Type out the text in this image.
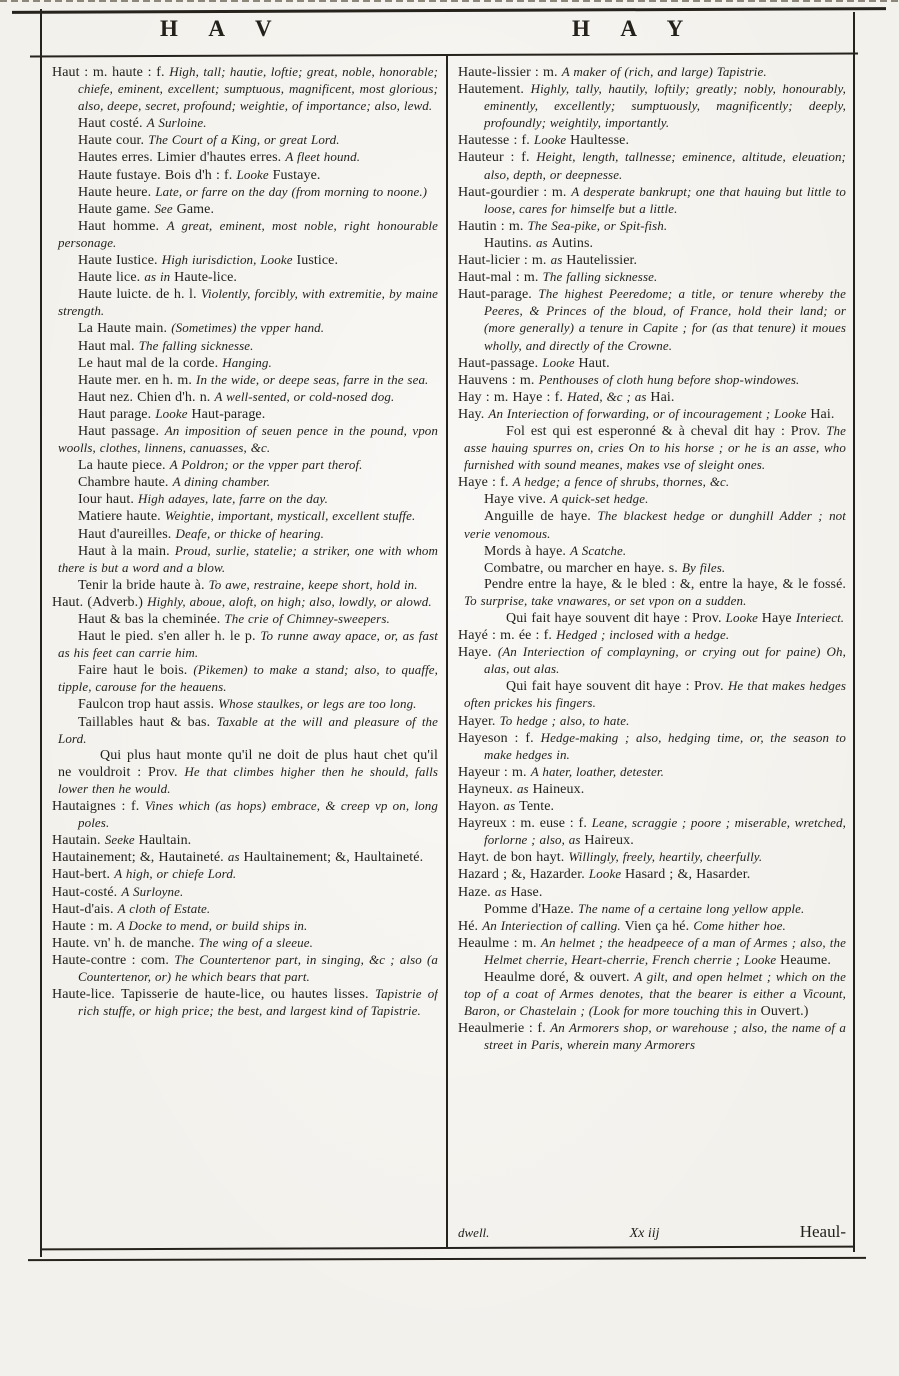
H A V	H A Y

Haut : m. haute : f. High, tall; hautie, loftie; great, noble, honorable; chiefe, eminent, excellent; sumptuous, magnificent, most glorious; also, deepe, secret, profound; weightie, of importance; also, lewd.

Haut costé. A Surloine.

Haute cour. The Court of a King, or great Lord.

Hautes erres. Limier d'hautes erres. A fleet hound.

Haute fustaye. Bois d'h : f. Looke Fustaye.

Haute heure. Late, or farre on the day (from morning to noone.)

Haute game. See Game.

Haut homme. A great, eminent, most noble, right honourable personage.

Haute Iustice. High iurisdiction, Looke Iustice.

Haute lice. as in Haute-lice.

Haute luicte. de h. l. Violently, forcibly, with extremitie, by maine strength.

La Haute main. (Sometimes) the vpper hand.

Haut mal. The falling sicknesse.

Le haut mal de la corde. Hanging.

Haute mer. en h. m. In the wide, or deepe seas, farre in the sea.

Haut nez. Chien d'h. n. A well-sented, or cold-nosed dog.

Haut parage. Looke Haut-parage.

Haut passage. An imposition of seuen pence in the pound, vpon woolls, clothes, linnens, canuasses, &c.

La haute piece. A Poldron; or the vpper part therof.

Chambre haute. A dining chamber.

Iour haut. High adayes, late, farre on the day.

Matiere haute. Weightie, important, mysticall, excellent stuffe.

Haut d'aureilles. Deafe, or thicke of hearing.

Haut à la main. Proud, surlie, statelie; a striker, one with whom there is but a word and a blow.

Tenir la bride haute à. To awe, restraine, keepe short, hold in.

Haut. (Adverb.) Highly, aboue, aloft, on high; also, lowdly, or alowd.

Haut & bas la cheminée. The crie of Chimney-sweepers.

Haut le pied. s'en aller h. le p. To runne away apace, or, as fast as his feet can carrie him.

Faire haut le bois. (Pikemen) to make a stand; also, to quaffe, tipple, carouse for the heauens.

Faulcon trop haut assis. Whose staulkes, or legs are too long.

Taillables haut & bas. Taxable at the will and pleasure of the Lord.

Qui plus haut monte qu'il ne doit de plus haut chet qu'il ne vouldroit : Prov. He that climbes higher then he should, falls lower then he would.

Hautaignes : f. Vines which (as hops) embrace, & creep vp on, long poles.

Hautain. Seeke Haultain.

Hautainement; &, Hautaineté. as Haultainement; &, Haultaineté.

Haut-bert. A high, or chiefe Lord.

Haut-costé. A Surloyne.

Haut-d'ais. A cloth of Estate.

Haute : m. A Docke to mend, or build ships in.

Haute. vn' h. de manche. The wing of a sleeue.

Haute-contre : com. The Countertenor part, in singing, &c ; also (a Countertenor, or) he which bears that part.

Haute-lice. Tapisserie de haute-lice, ou hautes lisses. Tapistrie of rich stuffe, or high price; the best, and largest kind of Tapistrie.

Haute-lissier : m. A maker of (rich, and large) Tapistrie.

Hautement. Highly, tally, hautily, loftily; greatly; nobly, honourably, eminently, excellently; sumptuously, magnificently; deeply, profoundly; weightily, importantly.

Hautesse : f. Looke Haultesse.

Hauteur : f. Height, length, tallnesse; eminence, altitude, eleuation; also, depth, or deepnesse.

Haut-gourdier : m. A desperate bankrupt; one that hauing but little to loose, cares for himselfe but a little.

Hautin : m. The Sea-pike, or Spit-fish.

Hautins. as Autins.

Haut-licier : m. as Hautelissier.

Haut-mal : m. The falling sicknesse.

Haut-parage. The highest Peeredome; a title, or tenure whereby the Peeres, & Princes of the bloud, of France, hold their land; or (more generally) a tenure in Capite ; for (as that tenure) it moues wholly, and directly of the Crowne.

Haut-passage. Looke Haut.

Hauvens : m. Penthouses of cloth hung before shop-windowes.

Hay : m. Haye : f. Hated, &c ; as Hai.

Hay. An Interiection of forwarding, or of incouragement ; Looke Hai.

Fol est qui est esperonné & à cheval dit hay : Prov. The asse hauing spurres on, cries On to his horse ; or he is an asse, who furnished with sound meanes, makes vse of sleight ones.

Haye : f. A hedge; a fence of shrubs, thornes, &c.

Haye vive. A quick-set hedge.

Anguille de haye. The blackest hedge or dunghill Adder ; not verie venomous.

Mords à haye. A Scatche.

Combatre, ou marcher en haye. s. By files.

Pendre entre la haye, & le bled : &, entre la haye, & le fossé. To surprise, take vnawares, or set vpon on a sudden.

Qui fait haye souvent dit haye : Prov. Looke Haye Interiect.

Hayé : m. ée : f. Hedged ; inclosed with a hedge.

Haye. (An Interiection of complayning, or crying out for paine) Oh, alas, out alas.

Qui fait haye souvent dit haye : Prov. He that makes hedges often prickes his fingers.

Hayer. To hedge ; also, to hate.

Hayeson : f. Hedge-making ; also, hedging time, or, the season to make hedges in.

Hayeur : m. A hater, loather, detester.

Hayneux. as Haineux.

Hayon. as Tente.

Hayreux : m. euse : f. Leane, scraggie ; poore ; miserable, wretched, forlorne ; also, as Haireux.

Hayt. de bon hayt. Willingly, freely, heartily, cheerfully.

Hazard ; &, Hazarder. Looke Hasard ; &, Hasarder.

Haze. as Hase.

Pomme d'Haze. The name of a certaine long yellow apple.

Hé. An Interiection of calling. Vien ça hé. Come hither hoe.

Heaulme : m. An helmet ; the headpeece of a man of Armes ; also, the Helmet cherrie, Heart-cherrie, French cherrie ; Looke Heaume.

Heaulme doré, & ouvert. A gilt, and open helmet ; which on the top of a coat of Armes denotes, that the bearer is either a Vicount, Baron, or Chastelain ; (Look for more touching this in Ouvert.)

Heaulmerie : f. An Armorers shop, or warehouse ; also, the name of a street in Paris, wherein many Armorers

dwell.	Xx iij	Heaul-
